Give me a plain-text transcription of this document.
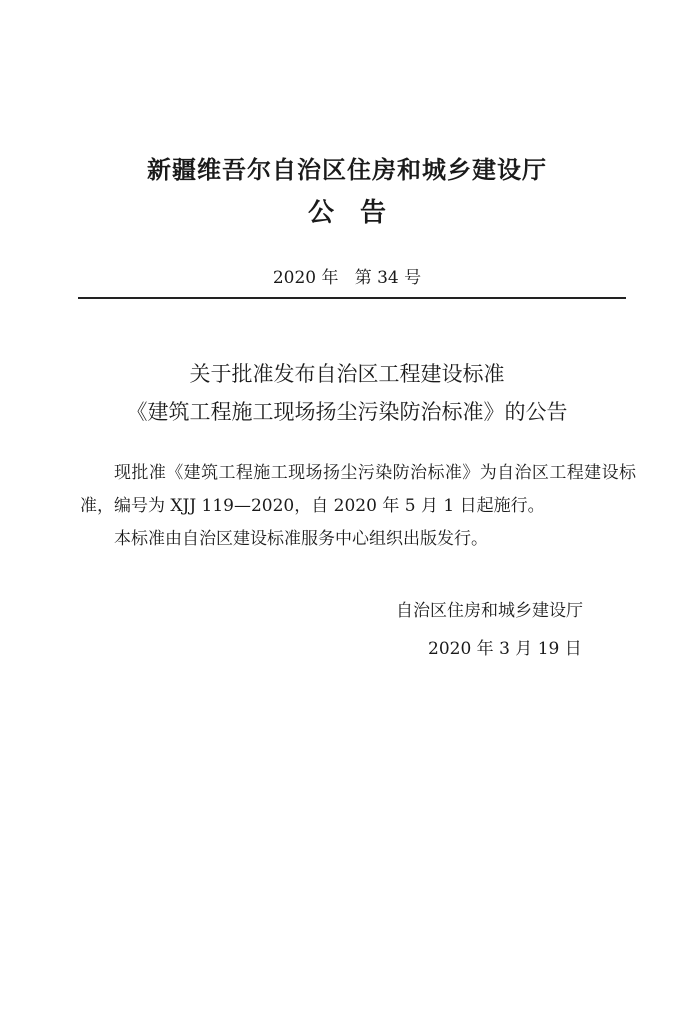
新疆维吾尔自治区住房和城乡建设厅
公告
2020 年   第 34 号
关于批准发布自治区工程建设标准
《建筑工程施工现场扬尘污染防治标准》的公告

现批准《建筑工程施工现场扬尘污染防治标准》为自治区工程建设标准，编号为 XJJ 119—2020，自 2020 年 5 月 1 日起施行。

本标准由自治区建设标准服务中心组织出版发行。

自治区住房和城乡建设厅
2020 年 3 月 19 日
